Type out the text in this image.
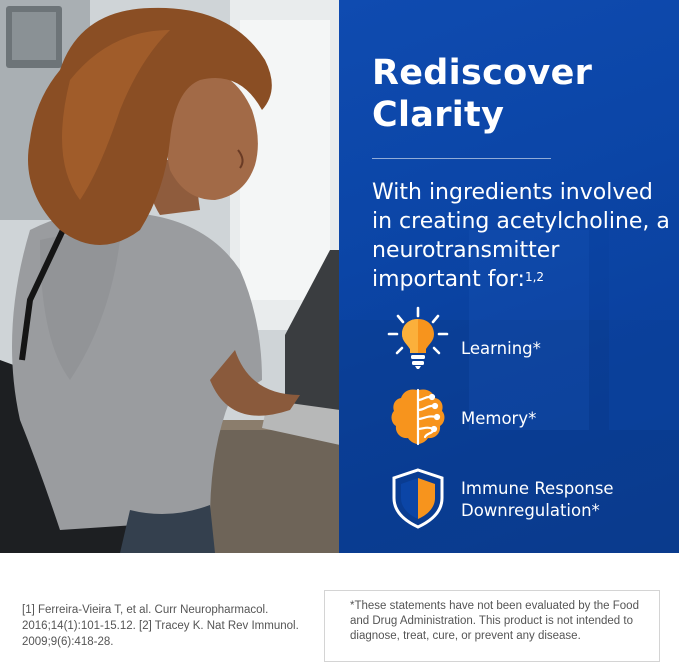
Rediscover
Clarity
With ingredients involved in creating acetylcholine, a neurotransmitter important for:$^{1,2}$
Learning*
Memory*
Immune Response
Downregulation*
[1] Ferreira-Vieira T, et al. Curr Neuropharmacol. 2016;14(1):101-15.12. [2] Tracey K. Nat Rev Immunol. 2009;9(6):418-28.

*These statements have not been evaluated by the Food and Drug Administration. This product is not intended to diagnose, treat, cure, or prevent any disease.
